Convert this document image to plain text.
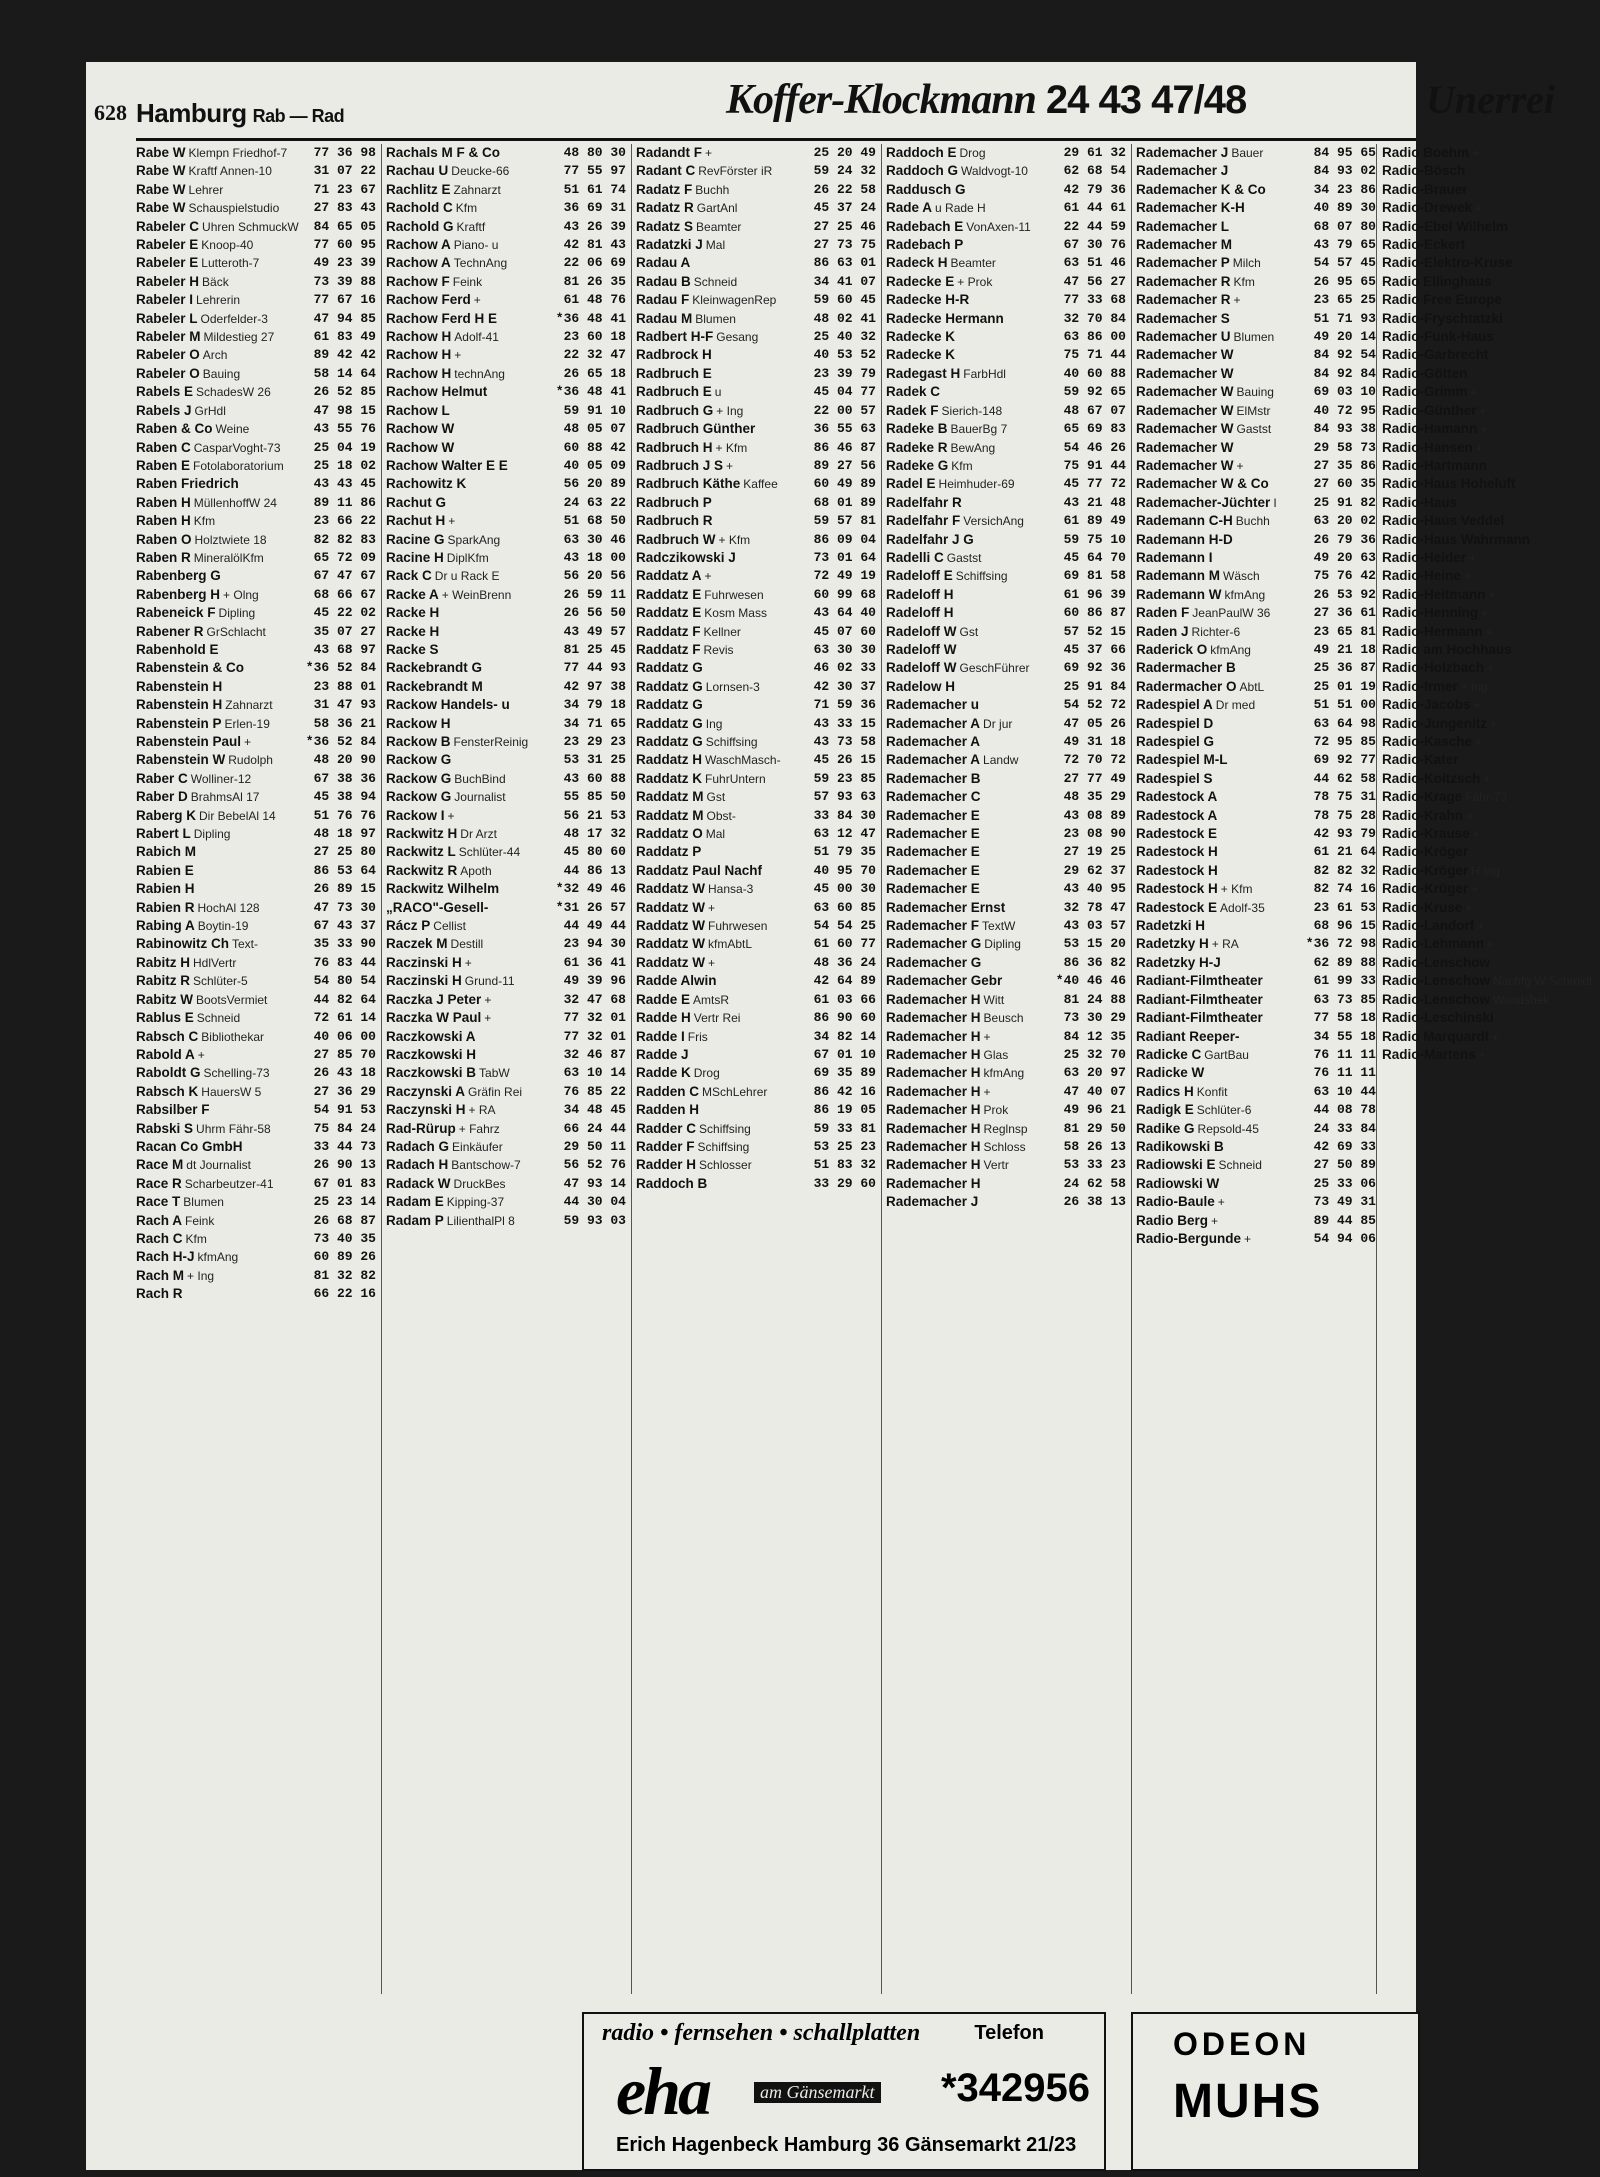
628 Hamburg Rab — Rad	Koffer-Klockmann 24 43 47/48	Unerrei
Rabe W Klempn Friedhof-7 77 36 98
Rabe W Kraftf Annen-10	31 07 22
Rabe W Lehrer	71 23 67
Rabe W Schauspielstudio	27 83 43
Rabeler C Uhren SchmuckW 84 65 05
Rabeler E Knoop-40	77 60 95
Rabeler E Lutteroth-7	49 23 39
Rabeler H Bäck	73 39 88
Rabeler I Lehrerin	77 67 16
Rabeler L Oderfelder-3	47 94 85
Rabeler M Mildestieg 27	61 83 49
Rabeler O Arch	89 42 42
Rabeler O Bauing	58 14 64
Rabels E SchadesW 26	26 52 85
Rabels J GrHdl	47 98 15
Raben & Co Weine	43 55 76
Raben C CasparVoght-73	25 04 19
Raben E Fotolaboratorium 25 18 02
Raben Friedrich	43 43 45
Raben H MüllenhoffW 24	89 11 86
Raben H Kfm	23 66 22
Raben O Holztwiete 18	82 82 83
Raben R MineralölKfm	65 72 09
Rabenberg G	67 47 67
Rabenberg H + Olng	68 66 67
Rabeneick F Dipling	45 22 02
Rabener R GrSchlacht	35 07 27
Rabenhold E	43 68 97
Rabenstein & Co	*36 52 84
Rabenstein H	23 88 01
Rabenstein H Zahnarzt	31 47 93
Rabenstein P Erlen-19	58 36 21
Rabenstein Paul +	*36 52 84
Rabenstein W Rudolph	48 20 90
Raber C Wolliner-12	67 38 36
Raber D BrahmsAl 17	45 38 94
Raberg K Dir BebelAl 14	51 76 76
Rabert L Dipling	48 18 97
Rabich M	27 25 80
Rabien E	86 53 64
Rabien H	26 89 15
Rabien R HochAl 128	47 73 30
Rabing A Boytin-19	67 43 37
Rabinowitz Ch Text-	35 33 90
Rabitz H HdlVertr	76 83 44
Rabitz R Schlüter-5	54 80 54
Rabitz W BootsVermiet	44 82 64
Rablus E Schneid	72 61 14
Rabsch C Bibliothekar	40 06 00
Rabold A +	27 85 70
Raboldt G Schelling-73	26 43 18
Rabsch K HauersW 5	27 36 29
Rabsilber F	54 91 53
Rabski S Uhrm Fähr-58	75 84 24
Racan Co GmbH	33 44 73
Race M dt Journalist	26 90 13
Race R Scharbeutzer-41	67 01 83
Race T Blumen	25 23 14
Rach A Feink	26 68 87
Rach C Kfm	73 40 35
Rach H-J kfmAng	60 89 26
Rach M + Ing	81 32 82
Rach R	66 22 16
Rachals M F & Co	48 80 30
Rachau U Deucke-66	77 55 97
Rachlitz E Zahnarzt	51 61 74
Rachold C Kfm	36 69 31
Rachold G Kraftf	43 26 39
Rachow A Piano- u	42 81 43
Rachow A TechnAng	22 06 69
Rachow F Feink	81 26 35
Rachow Ferd +	61 48 76
Rachow Ferd H E	*36 48 41
Rachow H Adolf-41	23 60 18
Rachow H +	22 32 47
Rachow H technAng	26 65 18
Rachow Helmut	*36 48 41
Rachow L	59 91 10
Rachow W	48 05 07
Rachow W	60 88 42
Rachow Walter E E	40 05 09
Rachowitz K	56 20 89
Rachut G	24 63 22
Rachut H +	51 68 50
Racine G SparkAng	63 30 46
Racine H DiplKfm	43 18 00
Rack C Dr u Rack E	56 20 56
Racke A + WeinBrenn	26 59 11
Racke H	26 56 50
Racke H	43 49 57
Racke S	81 25 45
Rackebrandt G	77 44 93
Rackebrandt M	42 97 38
Rackow Handels- u	34 79 18
Rackow H	34 71 65
Rackow B FensterReinig	23 29 23
Rackow G	53 31 25
Rackow G BuchBind	43 60 88
Rackow G Journalist	55 85 50
Rackow I +	56 21 53
Rackwitz H Dr Arzt	48 17 32
Rackwitz L Schlüter-44	45 80 60
Rackwitz R Apoth	44 86 13
Rackwitz Wilhelm	*32 49 46
„RACO"-Gesell-	*31 26 57
Rácz P Cellist	44 49 44
Raczek M Destill	23 94 30
Raczinski H +	61 36 41
Raczinski H Grund-11	49 39 96
Raczka J Peter +	32 47 68
Raczka W Paul +	77 32 01
Raczkowski A	77 32 01
Raczkowski H	32 46 87
Raczkowski B TabW	63 10 14
Raczynski A Gräfin Rei	76 85 22
Raczynski H + RA	34 48 45
Rad-Rürup + Fahrz	66 24 44
Radach G Einkäufer	29 50 11
Radach H Bantschow-7	56 52 76
Radack W DruckBes	47 93 14
Radam E Kipping-37	44 30 04
Radam P LilienthalPl 8	59 93 03
Radandt F +	25 20 49
Radant C RevFörster iR	59 24 32
Radatz F Buchh	26 22 58
Radatz R GartAnl	45 37 24
Radatz S Beamter	27 25 46
Radatzki J Mal	27 73 75
Radau A	86 63 01
Radau B Schneid	34 41 07
Radau F KleinwagenRep	59 60 45
Radau M Blumen	48 02 41
Radbert H-F Gesang	25 40 32
Radbrock H	40 53 52
Radbruch E	23 39 79
Radbruch E u	45 04 77
Radbruch G + Ing	22 00 57
Radbruch Günther	36 55 63
Radbruch H + Kfm	86 46 87
Radbruch J S +	89 27 56
Radbruch Käthe Kaffee	60 49 89
Radbruch P	68 01 89
Radbruch R	59 57 81
Radbruch W + Kfm	86 09 04
Radczikowski J	73 01 64
Raddatz A +	72 49 19
Raddatz E Fuhrwesen	60 99 68
Raddatz E Kosm Mass	43 64 40
Raddatz F Kellner	45 07 60
Raddatz F Revis	63 30 30
Raddatz G	46 02 33
Raddatz G Lornsen-3	42 30 37
Raddatz G	71 59 36
Raddatz G Ing	43 33 15
Raddatz G Schiffsing	43 73 58
Raddatz H WaschMasch-	45 26 15
Raddatz K FuhrUntern	59 23 85
Raddatz M Gst	57 93 63
Raddatz M Obst-	33 84 30
Raddatz O Mal	63 12 47
Raddatz P	51 79 35
Raddatz Paul Nachf	40 95 70
Raddatz W Hansa-3	45 00 30
Raddatz W +	63 60 85
Raddatz W Fuhrwesen	54 54 25
Raddatz W kfmAbtL	61 60 77
Raddatz W +	48 36 24
Radde Alwin	42 64 89
Radde E AmtsR	61 03 66
Radde H Vertr Rei	86 90 60
Radde I Fris	34 82 14
Radde J	67 01 10
Radde K Drog	69 35 89
Radden C MSchLehrer	86 42 16
Radden H	86 19 05
Radder C Schiffsing	59 33 81
Radder F Schiffsing	53 25 23
Radder H Schlosser	51 83 32
Raddoch B	33 29 60
Raddoch E Drog	29 61 32
Raddoch G Waldvogt-10	62 68 54
Raddusch G	42 79 36
Rade A u Rade H	61 44 61
Radebach E VonAxen-11	22 44 59
Radebach P	67 30 76
Radeck H Beamter	63 51 46
Radecke E + Prok	47 56 27
Radecke H-R	77 33 68
Radecke Hermann	32 70 84
Radecke K	63 86 00
Radecke K	75 71 44
Radegast H FarbHdl	40 60 88
Radek C	59 92 65
Radek F Sierich-148	48 67 07
Radeke B BauerBg 7	65 69 83
Radeke R BewAng	54 46 26
Radeke G Kfm	75 91 44
Radel E Heimhuder-69	45 77 72
Radelfahr R	43 21 48
Radelfahr F VersichAng	61 89 49
Radelfahr J G	59 75 10
Radelli C Gastst	45 64 70
Radeloff E Schiffsing	69 81 58
Radeloff H	61 96 39
Radeloff H	60 86 87
Radeloff W Gst	57 52 15
Radeloff W	45 37 66
Radeloff W GeschFührer	69 92 36
Radelow H	25 91 84
Rademacher u	54 52 72
Rademacher A Dr jur	47 05 26
Rademacher A	49 31 18
Rademacher A Landw	72 70 72
Rademacher B	27 77 49
Rademacher C	48 35 29
Rademacher E	43 08 89
Rademacher E	23 08 90
Rademacher E	27 19 25
Rademacher E	29 62 37
Rademacher E	43 40 95
Rademacher Ernst	32 78 47
Rademacher F TextW	43 03 57
Rademacher G Dipling	53 15 20
Rademacher G	86 36 82
Rademacher Gebr	*40 46 46
Rademacher H Witt	81 24 88
Rademacher H Beusch	73 30 29
Rademacher H +	84 12 35
Rademacher H Glas	25 32 70
Rademacher H kfmAng	63 20 97
Rademacher H +	47 40 07
Rademacher H Prok	49 96 21
Rademacher H Reglnsp	81 29 50
Rademacher H Schloss	58 26 13
Rademacher H Vertr	53 33 23
Rademacher H	24 62 58
Rademacher J	26 38 13
Rademacher J Bauer	84 95 65
Rademacher J	84 93 02
Rademacher K & Co	34 23 86
Rademacher K-H	40 89 30
Rademacher L	68 07 80
Rademacher M	43 79 65
Rademacher P Milch	54 57 45
Rademacher R Kfm	26 95 65
Rademacher R +	23 65 25
Rademacher S	51 71 93
Rademacher U Blumen	49 20 14
Rademacher W	84 92 54
Rademacher W	84 92 84
Rademacher W Bauing	69 03 10
Rademacher W ElMstr	40 72 95
Rademacher W Gastst	84 93 38
Rademacher W	29 58 73
Rademacher W +	27 35 86
Rademacher W & Co	27 60 35
Rademacher-Jüchter I	25 91 82
Rademann C-H Buchh	63 20 02
Rademann H-D	26 79 36
Rademann I	49 20 63
Rademann M Wäsch	75 76 42
Rademann W kfmAng	26 53 92
Raden F JeanPaulW 36	27 36 61
Raden J Richter-6	23 65 81
Raderick O kfmAng	49 21 18
Radermacher B	25 36 87
Radermacher O AbtL	25 01 19
Radespiel A Dr med	51 51 00
Radespiel D	63 64 98
Radespiel G	72 95 85
Radespiel M-L	69 92 77
Radespiel S	44 62 58
Radestock A	78 75 31
Radestock A	78 75 28
Radestock E	42 93 79
Radestock H	61 21 64
Radestock H	82 82 32
Radestock H + Kfm	82 74 16
Radestock E Adolf-35	23 61 53
Radetzki H	68 96 15
Radetzky H + RA	*36 72 98
Radetzky H-J	62 89 88
Radiant-Filmtheater	61 99 33
Radiant-Filmtheater	63 73 85
Radiant-Filmtheater	77 58 18
Radiant Reeper-	34 55 18
Radicke C GartBau	76 11 11
Radicke W	76 11 11
Radics H Konfit	63 10 44
Radigk E Schlüter-6	44 08 78
Radike G Repsold-45	24 33 84
Radikowski B	42 69 33
Radiowski E Schneid	27 50 89
Radiowski W	25 33 06
Radio-Baule +	73 49 31
Radio Berg +	89 44 85
Radio-Bergunde +	54 94 06
Radio Boehm +
Radio-Bösch
Radio-Brauer
Radio-Drewek +
Radio-Ebel Wilhelm
Radio-Eckert
Radio-Elektro-Kruse
Radio Ellinghaus
Radio Free Europe
Radio-Fryschtatzki
Radio-Funk-Haus
Radio-Garbrecht
Radio-Götten
Radio-Grimm +
Radio-Günther +
Radio-Hamann +
Radio-Hansen +
Radio-Hartmann
Radio-Haus Hoheluft
Radio-Haus
Radio-Haus Veddel
Radio-Haus Wahrmann
Radio-Heider +
Radio-Heine +
Radio-Heitmann +
Radio-Henning +
Radio-Hermann +
Radio am Hochhaus
Radio-Holzbach +
Radio-Irmer + Ing
Radio-Jacobs +
Radio-Jungenitz +
Radio-Kasche +
Radio-Kater
Radio-Koitzsch +
Radio-Krage Fähr-73
Radio-Krahn +
Radio-Krause +
Radio-Kröger
Radio-Kröger H Ing
Radio-Krüger +
Radio-Kruse +
Radio-Landorf +
Radio-Lehmann +
Radio-Lenschow
Radio-Lenschow Nachfg W Schmidt
Radio-Lenschow Wandsbek
Radio-Leschinski
Radio Marquardt +
Radio-Martens +
radio • fernsehen • schallplatten	Telefon
eha	am Gänsemarkt *342956
Erich Hagenbeck Hamburg 36 Gänsemarkt 21/23
ODEON
MUHS
